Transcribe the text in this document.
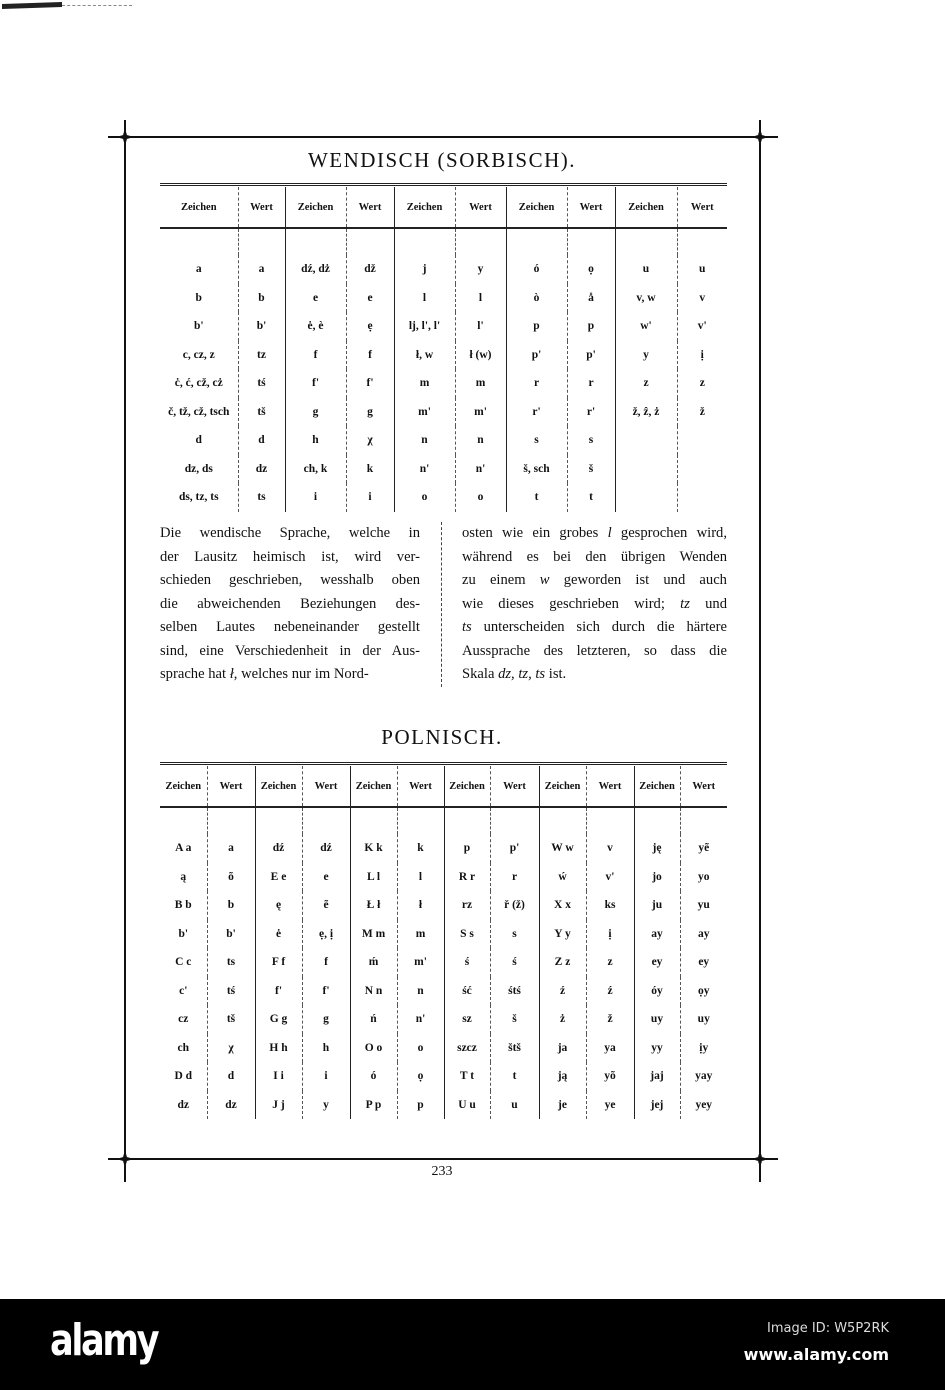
WENDISCH (SORBISCH).
Zeichen	Wert	Zeichen	Wert	Zeichen	Wert	Zeichen	Wert	Zeichen	Wert

a	a	dź, dż	dž	j	y	ó	ọ	u	u
b	b	e	e	l	l	ò	å	v, w	v
b'	b'	ė, è	ẹ	lj, l', l'	l'	p	p	w'	v'
c, cz, z	tz	f	f	ł, w	ł (w)	p'	p'	y	ị
ċ, ć, cž, cż	tś	f'	f'	m	m	r	r	z	z
č, tž, cž, tsch	tš	g	g	m'	m'	r'	r'	ž, ẑ, ż	ž
d	d	h	χ	n	n	s	s		
dz, ds	dz	ch, k	k	n'	n'	š, sch	š		
ds, tz, ts	ts	i	i	o	o	t	t		
Die wendische Sprache, welche in
der Lausitz heimisch ist, wird ver-
schieden geschrieben, wesshalb oben
die abweichenden Beziehungen des-
selben Lautes nebeneinander gestellt
sind, eine Verschiedenheit in der Aus-
sprache hat ł, welches nur im Nord-
osten wie ein grobes l gesprochen wird,
während es bei den übrigen Wenden
zu einem w geworden ist und auch
wie dieses geschrieben wird; tz und
ts unterscheiden sich durch die härtere
Aussprache des letzteren, so dass die
Skala dz, tz, ts ist.
POLNISCH.
Zeichen	Wert	Zeichen	Wert	Zeichen	Wert	Zeichen	Wert	Zeichen	Wert	Zeichen	Wert

A a	a	dź	dź	K k	k	p	p'	W w	v	ję	yẽ
ą	õ	E e	e	L l	l	R r	r	ẃ	v'	jo	yo
B b	b	ę	ẽ	Ł ł	ł	rz	ř (ž)	X x	ks	ju	yu
b'	b'	ė	ẹ, ị	M m	m	S s	s	Y y	ị	ay	ay
C c	ts	F f	f	ḿ	m'	ś	ś	Z z	z	ey	ey
c'	tś	f'	f'	N n	n	ść	śtś	ź	ź	óy	ọy
cz	tš	G g	g	ń	n'	sz	š	ż	ž	uy	uy
ch	χ	H h	h	O o	o	szcz	štš	ja	ya	yy	ịy
D d	d	I i	i	ó	ọ	T t	t	ją	yõ	jaj	yay
dz	dz	J j	y	P p	p	U u	u	je	ye	jej	yey
233
alamy	Image ID: W5P2RK
www.alamy.com
